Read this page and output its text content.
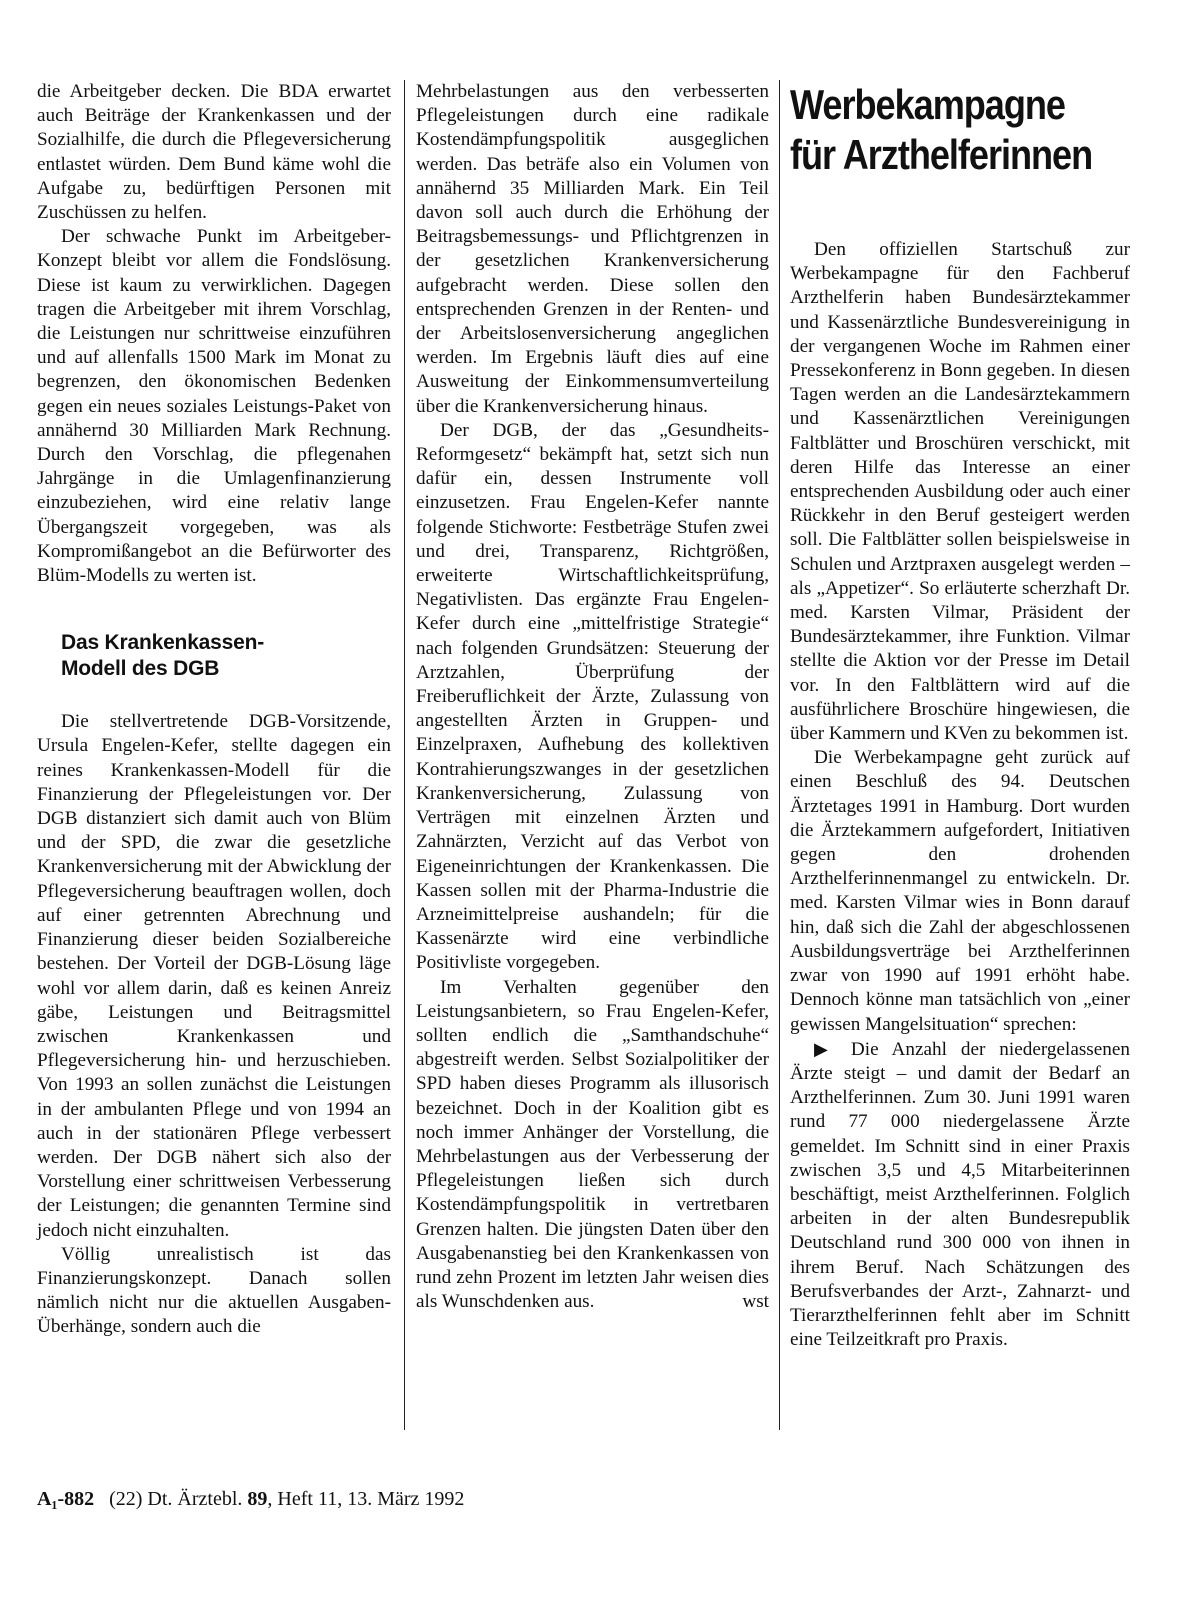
die Arbeitgeber decken. Die BDA erwartet auch Beiträge der Krankenkassen und der Sozialhilfe, die durch die Pflegeversicherung entlastet würden. Dem Bund käme wohl die Aufgabe zu, bedürftigen Personen mit Zuschüssen zu helfen.

Der schwache Punkt im Arbeitgeber-Konzept bleibt vor allem die Fondslösung. Diese ist kaum zu verwirklichen. Dagegen tragen die Arbeitgeber mit ihrem Vorschlag, die Leistungen nur schrittweise einzuführen und auf allenfalls 1500 Mark im Monat zu begrenzen, den ökonomischen Bedenken gegen ein neues soziales Leistungs-Paket von annähernd 30 Milliarden Mark Rechnung. Durch den Vorschlag, die pflegenahen Jahrgänge in die Umlagenfinanzierung einzubeziehen, wird eine relativ lange Übergangszeit vorgegeben, was als Kompromißangebot an die Befürworter des Blüm-Modells zu werten ist.

Das Krankenkassen-
Modell des DGB

Die stellvertretende DGB-Vorsitzende, Ursula Engelen-Kefer, stellte dagegen ein reines Krankenkassen-Modell für die Finanzierung der Pflegeleistungen vor. Der DGB distanziert sich damit auch von Blüm und der SPD, die zwar die gesetzliche Krankenversicherung mit der Abwicklung der Pflegeversicherung beauftragen wollen, doch auf einer getrennten Abrechnung und Finanzierung dieser beiden Sozialbereiche bestehen. Der Vorteil der DGB-Lösung läge wohl vor allem darin, daß es keinen Anreiz gäbe, Leistungen und Beitragsmittel zwischen Krankenkassen und Pflegeversicherung hin- und herzuschieben. Von 1993 an sollen zunächst die Leistungen in der ambulanten Pflege und von 1994 an auch in der stationären Pflege verbessert werden. Der DGB nähert sich also der Vorstellung einer schrittweisen Verbesserung der Leistungen; die genannten Termine sind jedoch nicht einzuhalten.

Völlig unrealistisch ist das Finanzierungskonzept. Danach sollen nämlich nicht nur die aktuellen Ausgaben-Überhänge, sondern auch die

Mehrbelastungen aus den verbesserten Pflegeleistungen durch eine radikale Kostendämpfungspolitik ausgeglichen werden. Das beträfe also ein Volumen von annähernd 35 Milliarden Mark. Ein Teil davon soll auch durch die Erhöhung der Beitragsbemessungs- und Pflichtgrenzen in der gesetzlichen Krankenversicherung aufgebracht werden. Diese sollen den entsprechenden Grenzen in der Renten- und der Arbeitslosenversicherung angeglichen werden. Im Ergebnis läuft dies auf eine Ausweitung der Einkommensumverteilung über die Krankenversicherung hinaus.

Der DGB, der das „Gesundheits-Reformgesetz“ bekämpft hat, setzt sich nun dafür ein, dessen Instrumente voll einzusetzen. Frau Engelen-Kefer nannte folgende Stichworte: Festbeträge Stufen zwei und drei, Transparenz, Richtgrößen, erweiterte Wirtschaftlichkeitsprüfung, Negativlisten. Das ergänzte Frau Engelen-Kefer durch eine „mittelfristige Strategie“ nach folgenden Grundsätzen: Steuerung der Arztzahlen, Überprüfung der Freiberuflichkeit der Ärzte, Zulassung von angestellten Ärzten in Gruppen- und Einzelpraxen, Aufhebung des kollektiven Kontrahierungszwanges in der gesetzlichen Krankenversicherung, Zulassung von Verträgen mit einzelnen Ärzten und Zahnärzten, Verzicht auf das Verbot von Eigeneinrichtungen der Krankenkassen. Die Kassen sollen mit der Pharma-Industrie die Arzneimittelpreise aushandeln; für die Kassenärzte wird eine verbindliche Positivliste vorgegeben.

Im Verhalten gegenüber den Leistungsanbietern, so Frau Engelen-Kefer, sollten endlich die „Samthandschuhe“ abgestreift werden. Selbst Sozialpolitiker der SPD haben dieses Programm als illusorisch bezeichnet. Doch in der Koalition gibt es noch immer Anhänger der Vorstellung, die Mehrbelastungen aus der Verbesserung der Pflegeleistungen ließen sich durch Kostendämpfungspolitik in vertretbaren Grenzen halten. Die jüngsten Daten über den Ausgabenanstieg bei den Krankenkassen von rund zehn Prozent im letzten Jahr weisen dies als Wunschdenken aus.	wst

Werbekampagne
für Arzthelferinnen

Den offiziellen Startschuß zur Werbekampagne für den Fachberuf Arzthelferin haben Bundesärztekammer und Kassenärztliche Bundesvereinigung in der vergangenen Woche im Rahmen einer Pressekonferenz in Bonn gegeben. In diesen Tagen werden an die Landesärztekammern und Kassenärztlichen Vereinigungen Faltblätter und Broschüren verschickt, mit deren Hilfe das Interesse an einer entsprechenden Ausbildung oder auch einer Rückkehr in den Beruf gesteigert werden soll. Die Faltblätter sollen beispielsweise in Schulen und Arztpraxen ausgelegt werden – als „Appetizer“. So erläuterte scherzhaft Dr. med. Karsten Vilmar, Präsident der Bundesärztekammer, ihre Funktion. Vilmar stellte die Aktion vor der Presse im Detail vor. In den Faltblättern wird auf die ausführlichere Broschüre hingewiesen, die über Kammern und KVen zu bekommen ist.

Die Werbekampagne geht zurück auf einen Beschluß des 94. Deutschen Ärztetages 1991 in Hamburg. Dort wurden die Ärztekammern aufgefordert, Initiativen gegen den drohenden Arzthelferinnenmangel zu entwickeln. Dr. med. Karsten Vilmar wies in Bonn darauf hin, daß sich die Zahl der abgeschlossenen Ausbildungsverträge bei Arzthelferinnen zwar von 1990 auf 1991 erhöht habe. Dennoch könne man tatsächlich von „einer gewissen Mangelsituation“ sprechen:

▶ Die Anzahl der niedergelassenen Ärzte steigt – und damit der Bedarf an Arzthelferinnen. Zum 30. Juni 1991 waren rund 77 000 niedergelassene Ärzte gemeldet. Im Schnitt sind in einer Praxis zwischen 3,5 und 4,5 Mitarbeiterinnen beschäftigt, meist Arzthelferinnen. Folglich arbeiten in der alten Bundesrepublik Deutschland rund 300 000 von ihnen in ihrem Beruf. Nach Schätzungen des Berufsverbandes der Arzt-, Zahnarzt- und Tierarzthelferinnen fehlt aber im Schnitt eine Teilzeitkraft pro Praxis.

A₁-882 (22) Dt. Ärztebl. 89, Heft 11, 13. März 1992
